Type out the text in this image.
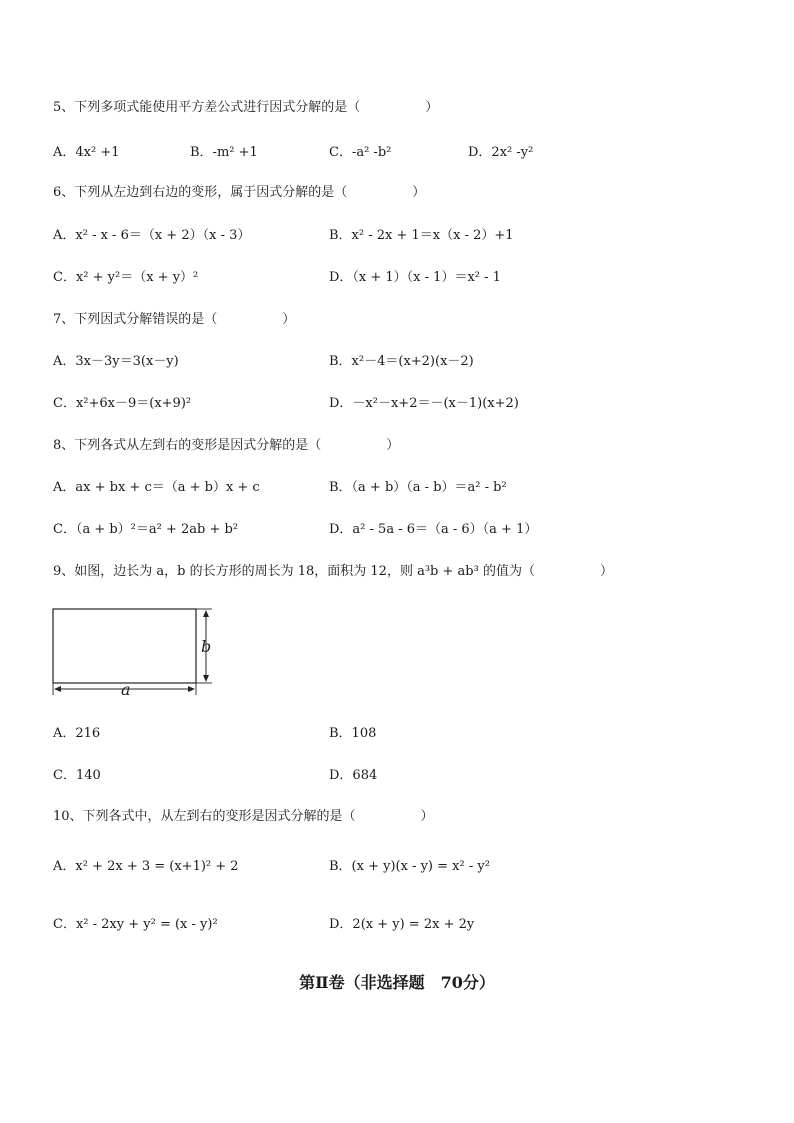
5、下列多项式能使用平方差公式进行因式分解的是（　　　　　）
A．4x² +1	B．-m² +1	C．-a² -b²	D．2x² -y²
6、下列从左边到右边的变形，属于因式分解的是（　　　　　）
A．x² - x - 6＝（x + 2）（x - 3）	B．x² - 2x + 1＝x（x - 2）+1
C．x² + y²＝（x + y）²	D．（x + 1）（x - 1）＝x² - 1
7、下列因式分解错误的是（　　　　　）
A．3x－3y＝3(x－y)	B．x²－4＝(x+2)(x－2)
C．x²+6x－9＝(x+9)²	D．－x²－x+2＝－(x－1)(x+2)
8、下列各式从左到右的变形是因式分解的是（　　　　　）
A．ax + bx + c＝（a + b）x + c	B．（a + b）（a - b）＝a² - b²
C．（a + b）²＝a² + 2ab + b²	D．a² - 5a - 6＝（a - 6）（a + 1）
9、如图，边长为 a，b 的长方形的周长为 18，面积为 12，则 a³b + ab³ 的值为（　　　　　）
b
a
A．216	B．108
C．140	D．684
10、下列各式中，从左到右的变形是因式分解的是（　　　　　）
A．x² + 2x + 3 = (x+1)² + 2	B．(x + y)(x - y) = x² - y²
C．x² - 2xy + y² = (x - y)²	D．2(x + y) = 2x + 2y
第Ⅱ卷（非选择题　70分）
